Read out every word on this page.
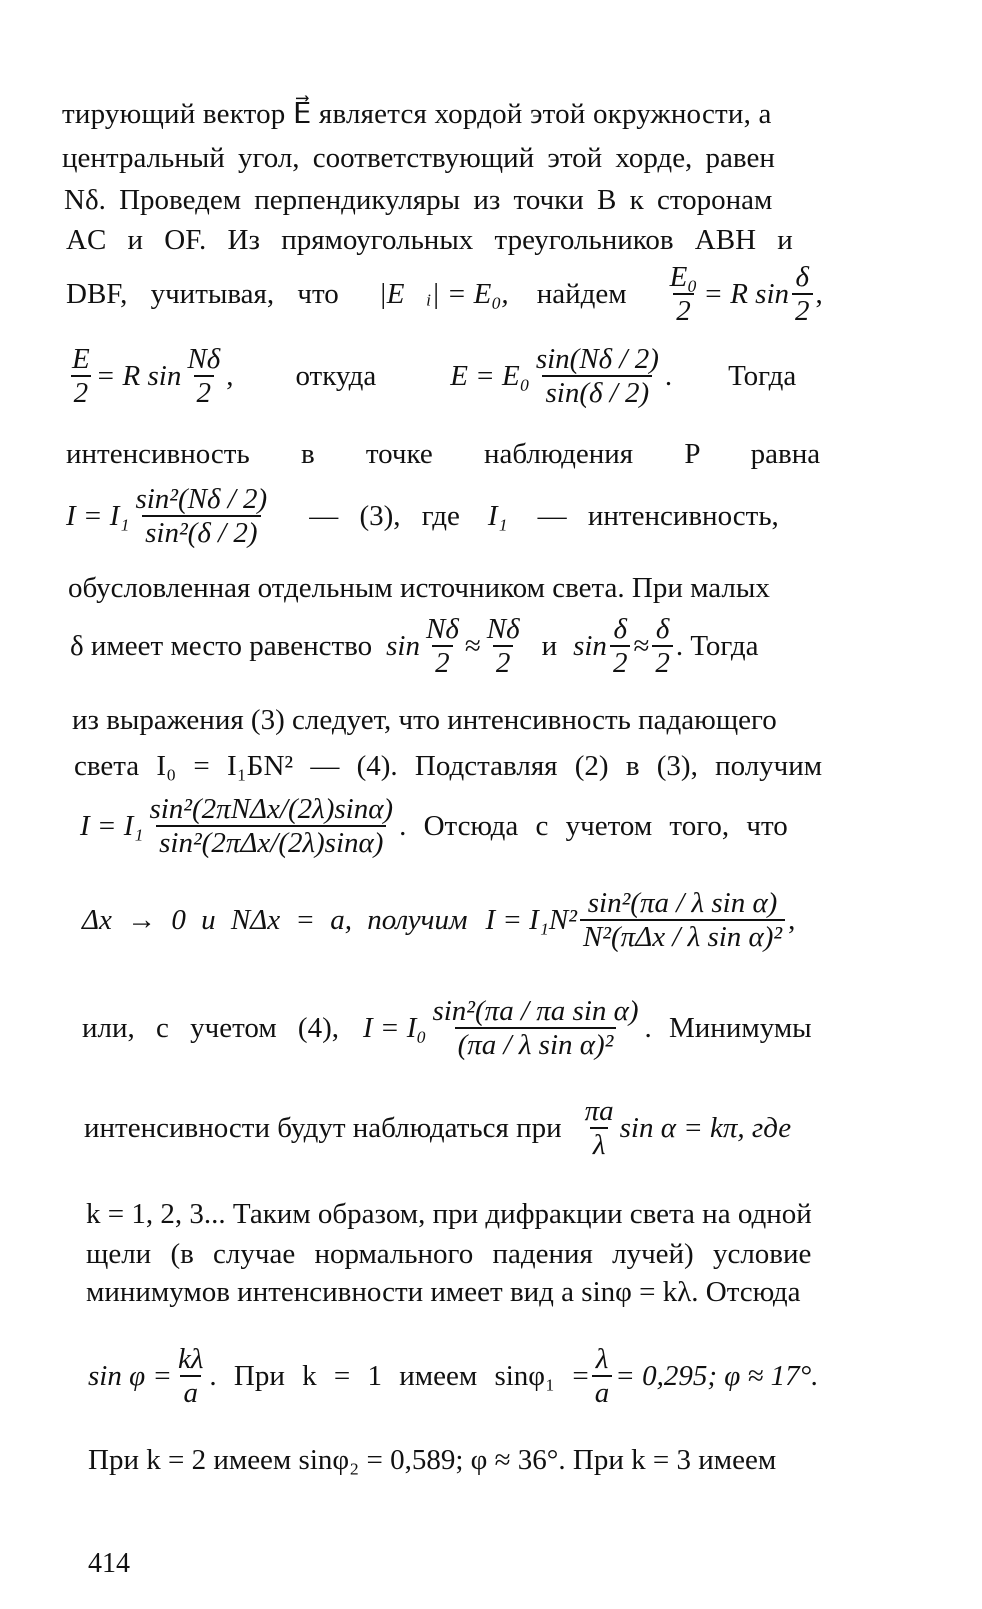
тирующий вектор E⃗ является хордой этой окружности, а
центральный угол, соответствующий этой хорде, равен
Nδ. Проведем перпендикуляры из точки B к сторонам
AC и OF. Из прямоугольных треугольников ABH и
DBF, учитывая, что |E⃗ᵢ| = E₀, найдем $\frac{\text{E₀}}{2} = R$ $\sin \frac{\delta}{2}$ ,
$\frac{E}{2} = R$ $\sin \frac{N\delta}{2}$ , откуда	$E = E_0 \frac{\sin(N\delta / 2)}{\sin(\delta / 2)}$ . Тогда
интенсивность в точке наблюдения P равна
$I = I_1 \frac{\text{sin²(Nδ / 2)}}{\text{sin²(δ / 2)}}$ — (3), где I₁ — интенсивность,
обусловленная отдельным источником света. При малых
δ имеет место равенство $\sin \frac{N\delta}{2} \approx \frac{N\delta}{2}$ и $\sin \frac{\delta}{2} \approx \frac{\delta}{2}$ . Тогда
из выражения (3) следует, что интенсивность падающего
света I₀ = I₁БN² — (4). Подставляя (2) в (3), получим
$I = I_1 \frac{\text{sin²(2πNΔx/(2λ)sinα)}}{\text{sin²(2πΔx/(2λ)sinα)}}$ . Отсюда с учетом того, что
Δx → 0 и NΔx = a, получим $I = I_1N^2 \frac{\text{sin²(πa / λ sin α)}}{\text{N²(πΔx / λ sin α)²}}$ ,
или, с учетом (4), $I = I_0 \frac{\text{sin²(πa / πa sin α)}}{\text{(πa / λ sin α)²}}$ . Минимумы
интенсивности будут наблюдаться при $\frac{\pi a}{\lambda}$ sin α = kπ, где
k = 1, 2, 3... Таким образом, при дифракции света на одной
щели (в случае нормального падения лучей) условие
минимумов интенсивности имеет вид a sinφ = kλ. Отсюда
$\sin \varphi = \frac{k\lambda}{a}$ . При k = 1 имеем $\sin\varphi_1 = \frac{\lambda}{a} = 0,295$; φ ≈ 17°.
При k = 2 имеем sinφ₂ = 0,589; φ ≈ 36°. При k = 3 имеем
414
